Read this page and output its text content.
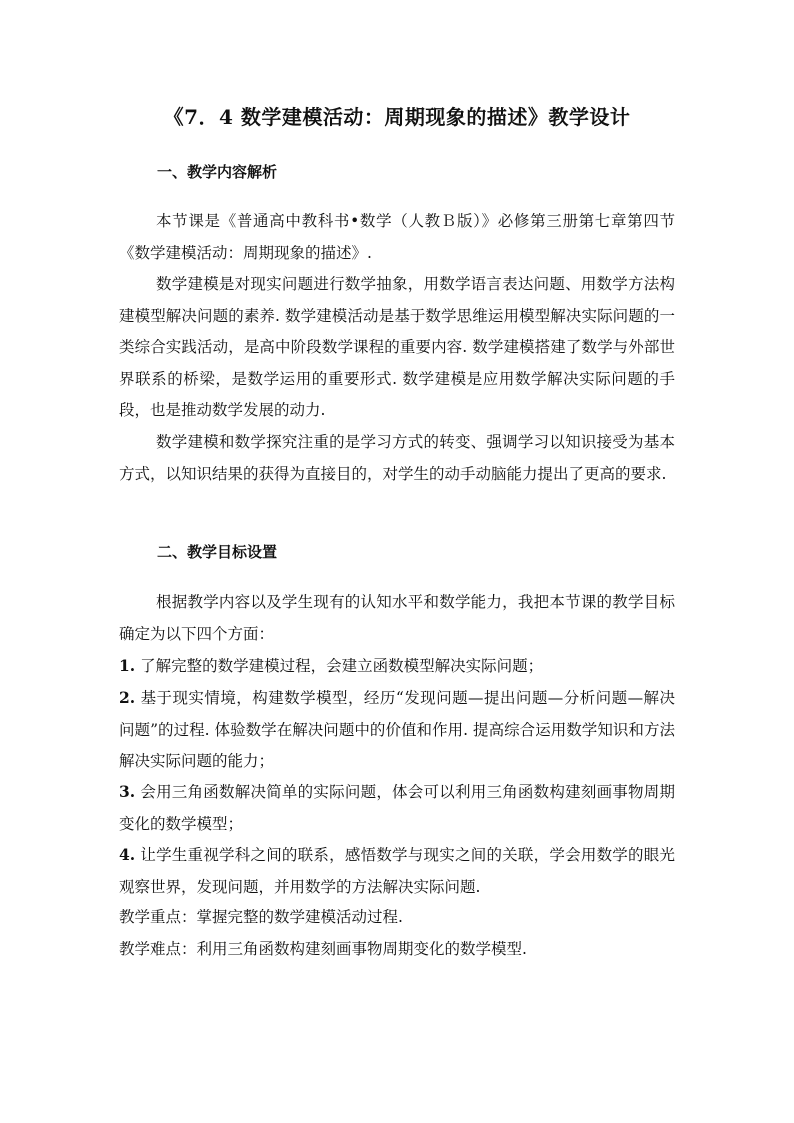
《7．4 数学建模活动：周期现象的描述》教学设计
一、教学内容解析
本节课是《普通高中教科书•数学（人教Ｂ版）》必修第三册第七章第四节《数学建模活动：周期现象的描述》.
数学建模是对现实问题进行数学抽象，用数学语言表达问题、用数学方法构建模型解决问题的素养. 数学建模活动是基于数学思维运用模型解决实际问题的一类综合实践活动，是高中阶段数学课程的重要内容. 数学建模搭建了数学与外部世界联系的桥梁，是数学运用的重要形式. 数学建模是应用数学解决实际问题的手段，也是推动数学发展的动力.
数学建模和数学探究注重的是学习方式的转变、强调学习以知识接受为基本方式，以知识结果的获得为直接目的，对学生的动手动脑能力提出了更高的要求.
二、教学目标设置
根据教学内容以及学生现有的认知水平和数学能力，我把本节课的教学目标确定为以下四个方面：
1. 了解完整的数学建模过程，会建立函数模型解决实际问题；
2. 基于现实情境，构建数学模型，经历“发现问题—提出问题—分析问题—解决问题”的过程. 体验数学在解决问题中的价值和作用. 提高综合运用数学知识和方法解决实际问题的能力；
3. 会用三角函数解决简单的实际问题，体会可以利用三角函数构建刻画事物周期变化的数学模型；
4. 让学生重视学科之间的联系，感悟数学与现实之间的关联，学会用数学的眼光观察世界，发现问题，并用数学的方法解决实际问题.
教学重点：掌握完整的数学建模活动过程.
教学难点：利用三角函数构建刻画事物周期变化的数学模型.
